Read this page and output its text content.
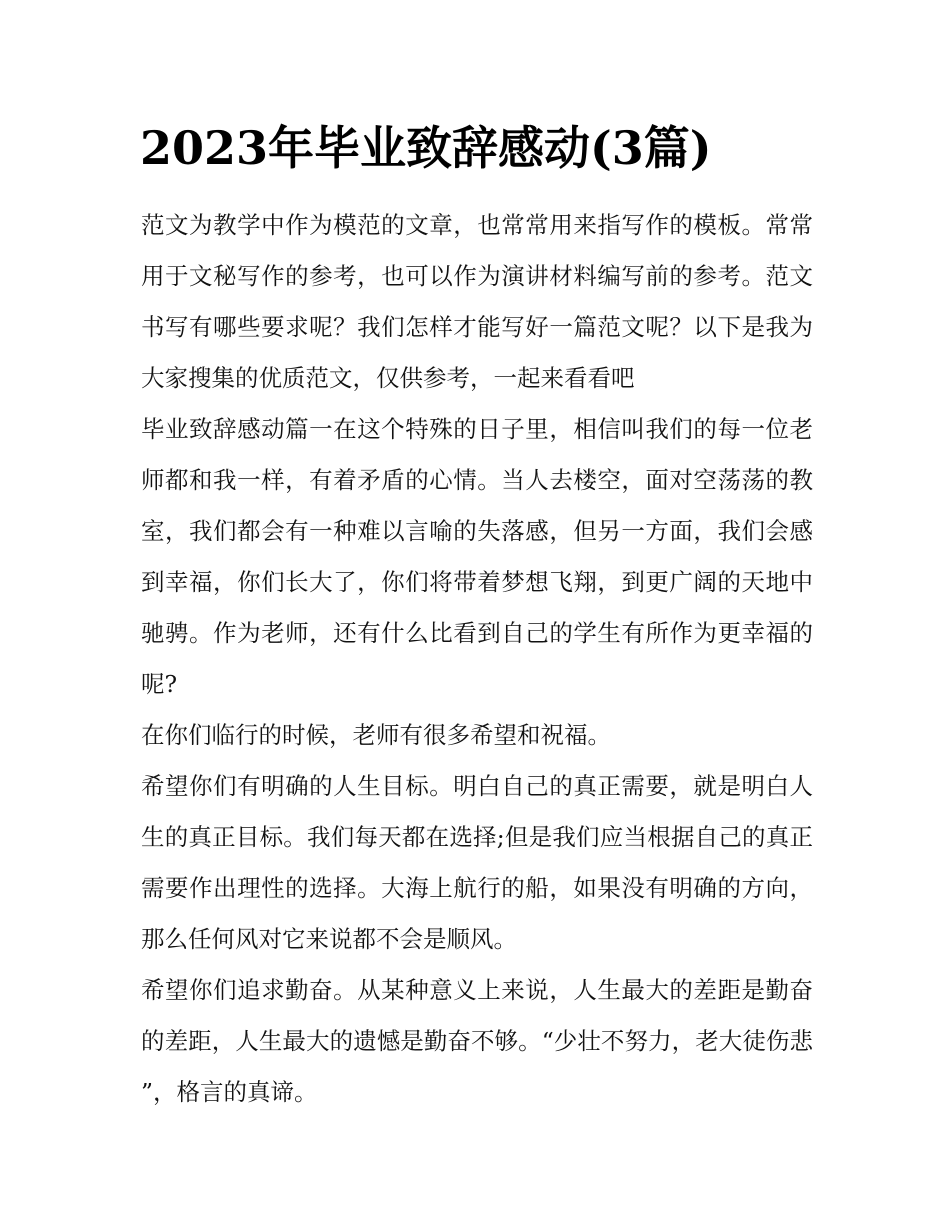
2023年毕业致辞感动(3篇)

范文为教学中作为模范的文章，也常常用来指写作的模板。常常用于文秘写作的参考，也可以作为演讲材料编写前的参考。范文书写有哪些要求呢？我们怎样才能写好一篇范文呢？以下是我为大家搜集的优质范文，仅供参考，一起来看看吧

毕业致辞感动篇一在这个特殊的日子里，相信叫我们的每一位老师都和我一样，有着矛盾的心情。当人去楼空，面对空荡荡的教室，我们都会有一种难以言喻的失落感，但另一方面，我们会感到幸福，你们长大了，你们将带着梦想飞翔，到更广阔的天地中驰骋。作为老师，还有什么比看到自己的学生有所作为更幸福的呢?

在你们临行的时候，老师有很多希望和祝福。

希望你们有明确的人生目标。明白自己的真正需要，就是明白人生的真正目标。我们每天都在选择;但是我们应当根据自己的真正需要作出理性的选择。大海上航行的船，如果没有明确的方向，那么任何风对它来说都不会是顺风。

希望你们追求勤奋。从某种意义上来说，人生最大的差距是勤奋的差距，人生最大的遗憾是勤奋不够。“少壮不努力，老大徒伤悲”，格言的真谛。
